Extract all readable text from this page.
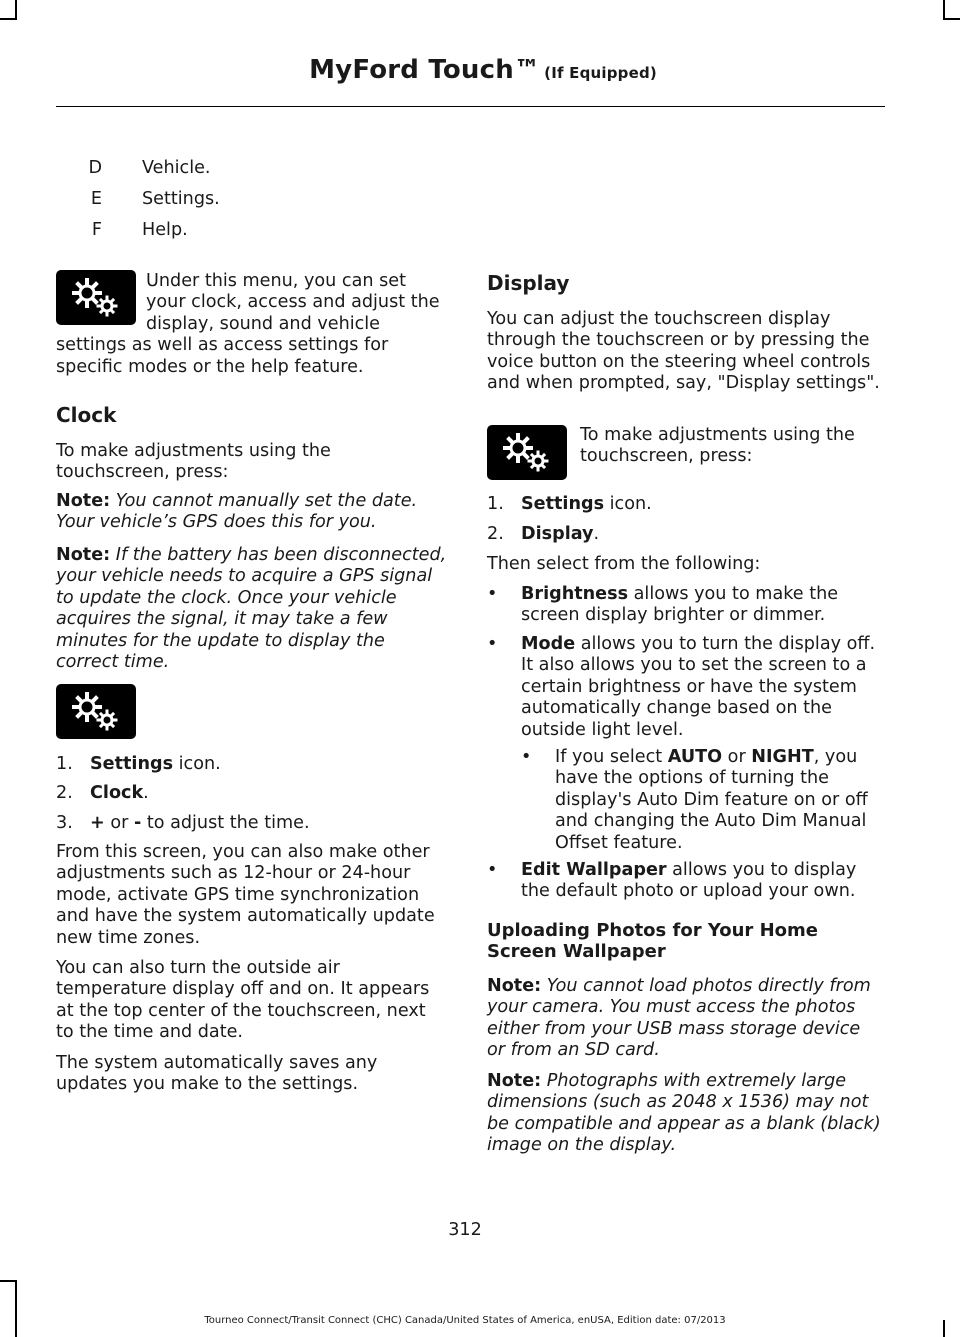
MyFord Touch™ (If Equipped)
D Vehicle.
E Settings.
F Help.
Under this menu, you can set your clock, access and adjust the display, sound and vehicle settings as well as access settings for specific modes or the help feature.
Clock
To make adjustments using the touchscreen, press:
Note: You cannot manually set the date. Your vehicle’s GPS does this for you.
Note: If the battery has been disconnected, your vehicle needs to acquire a GPS signal to update the clock. Once your vehicle acquires the signal, it may take a few minutes for the update to display the correct time.
1. Settings icon.
2. Clock.
3. + or - to adjust the time.
From this screen, you can also make other adjustments such as 12-hour or 24-hour mode, activate GPS time synchronization and have the system automatically update new time zones.
You can also turn the outside air temperature display off and on. It appears at the top center of the touchscreen, next to the time and date.
The system automatically saves any updates you make to the settings.
Display
You can adjust the touchscreen display through the touchscreen or by pressing the voice button on the steering wheel controls and when prompted, say, "Display settings".
To make adjustments using the touchscreen, press:
1. Settings icon.
2. Display.
Then select from the following:
•	Brightness allows you to make the screen display brighter or dimmer.
•	Mode allows you to turn the display off. It also allows you to set the screen to a certain brightness or have the system automatically change based on the outside light level.
•	If you select AUTO or NIGHT, you have the options of turning the display's Auto Dim feature on or off and changing the Auto Dim Manual Offset feature.
•	Edit Wallpaper allows you to display the default photo or upload your own.
Uploading Photos for Your Home Screen Wallpaper
Note: You cannot load photos directly from your camera. You must access the photos either from your USB mass storage device or from an SD card.
Note: Photographs with extremely large dimensions (such as 2048 x 1536) may not be compatible and appear as a blank (black) image on the display.
312
Tourneo Connect/Transit Connect (CHC) Canada/United States of America, enUSA, Edition date: 07/2013
